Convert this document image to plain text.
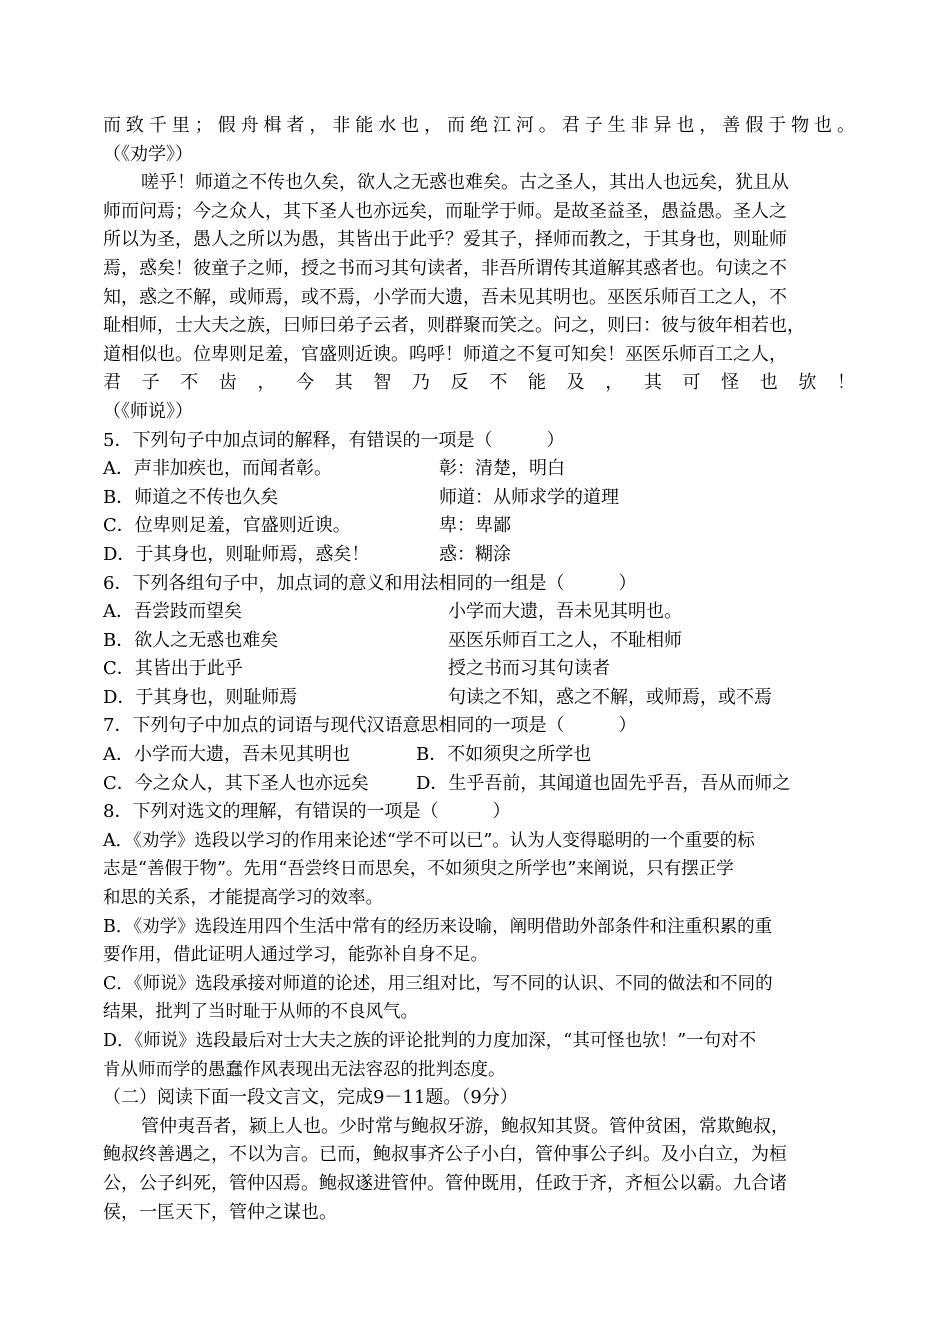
而致千里；假舟楫者，非能水也，而绝江河。君子生非异也，善假于物也。
（《劝学》）
嗟乎！师道之不传也久矣，欲人之无惑也难矣。古之圣人，其出人也远矣，犹且从
师而问焉；今之众人，其下圣人也亦远矣，而耻学于师。是故圣益圣，愚益愚。圣人之
所以为圣，愚人之所以为愚，其皆出于此乎？爱其子，择师而教之，于其身也，则耻师
焉，惑矣！彼童子之师，授之书而习其句读者，非吾所谓传其道解其惑者也。句读之不
知，惑之不解，或师焉，或不焉，小学而大遗，吾未见其明也。巫医乐师百工之人，不
耻相师，士大夫之族，曰师曰弟子云者，则群聚而笑之。问之，则曰：彼与彼年相若也，
道相似也。位卑则足羞，官盛则近谀。呜呼！师道之不复可知矣！巫医乐师百工之人，
君子不齿，今其智乃反不能及，其可怪也欤！
（《师说》）
5．下列句子中加点词的解释，有错误的一项是（　　　）
A．声非加疾也，而闻者彰。	彰：清楚，明白
B．师道之不传也久矣	师道：从师求学的道理
C．位卑则足羞，官盛则近谀。	卑：卑鄙
D．于其身也，则耻师焉，惑矣！	惑：糊涂
6．下列各组句子中，加点词的意义和用法相同的一组是（　　　）
A．吾尝跂而望矣	小学而大遗，吾未见其明也。
B．欲人之无惑也难矣	巫医乐师百工之人，不耻相师
C．其皆出于此乎	授之书而习其句读者
D．于其身也，则耻师焉	句读之不知，惑之不解，或师焉，或不焉
7．下列句子中加点的词语与现代汉语意思相同的一项是（　　　）
A．小学而大遗，吾未见其明也	B．不如须臾之所学也
C．今之众人，其下圣人也亦远矣	D．生乎吾前，其闻道也固先乎吾，吾从而师之
8．下列对选文的理解，有错误的一项是（　　　）
A．《劝学》选段以学习的作用来论述“学不可以已”。认为人变得聪明的一个重要的标
志是“善假于物”。先用“吾尝终日而思矣，不如须臾之所学也”来阐说，只有摆正学
和思的关系，才能提高学习的效率。
B．《劝学》选段连用四个生活中常有的经历来设喻，阐明借助外部条件和注重积累的重
要作用，借此证明人通过学习，能弥补自身不足。
C．《师说》选段承接对师道的论述，用三组对比，写不同的认识、不同的做法和不同的
结果，批判了当时耻于从师的不良风气。
D．《师说》选段最后对士大夫之族的评论批判的力度加深，“其可怪也欤！”一句对不
肯从师而学的愚蠢作风表现出无法容忍的批判态度。
（二）阅读下面一段文言文，完成9－11题。（9分）
管仲夷吾者，颍上人也。少时常与鲍叔牙游，鲍叔知其贤。管仲贫困，常欺鲍叔，
鲍叔终善遇之，不以为言。已而，鲍叔事齐公子小白，管仲事公子纠。及小白立，为桓
公，公子纠死，管仲囚焉。鲍叔遂进管仲。管仲既用，任政于齐，齐桓公以霸。九合诸
侯，一匡天下，管仲之谋也。
